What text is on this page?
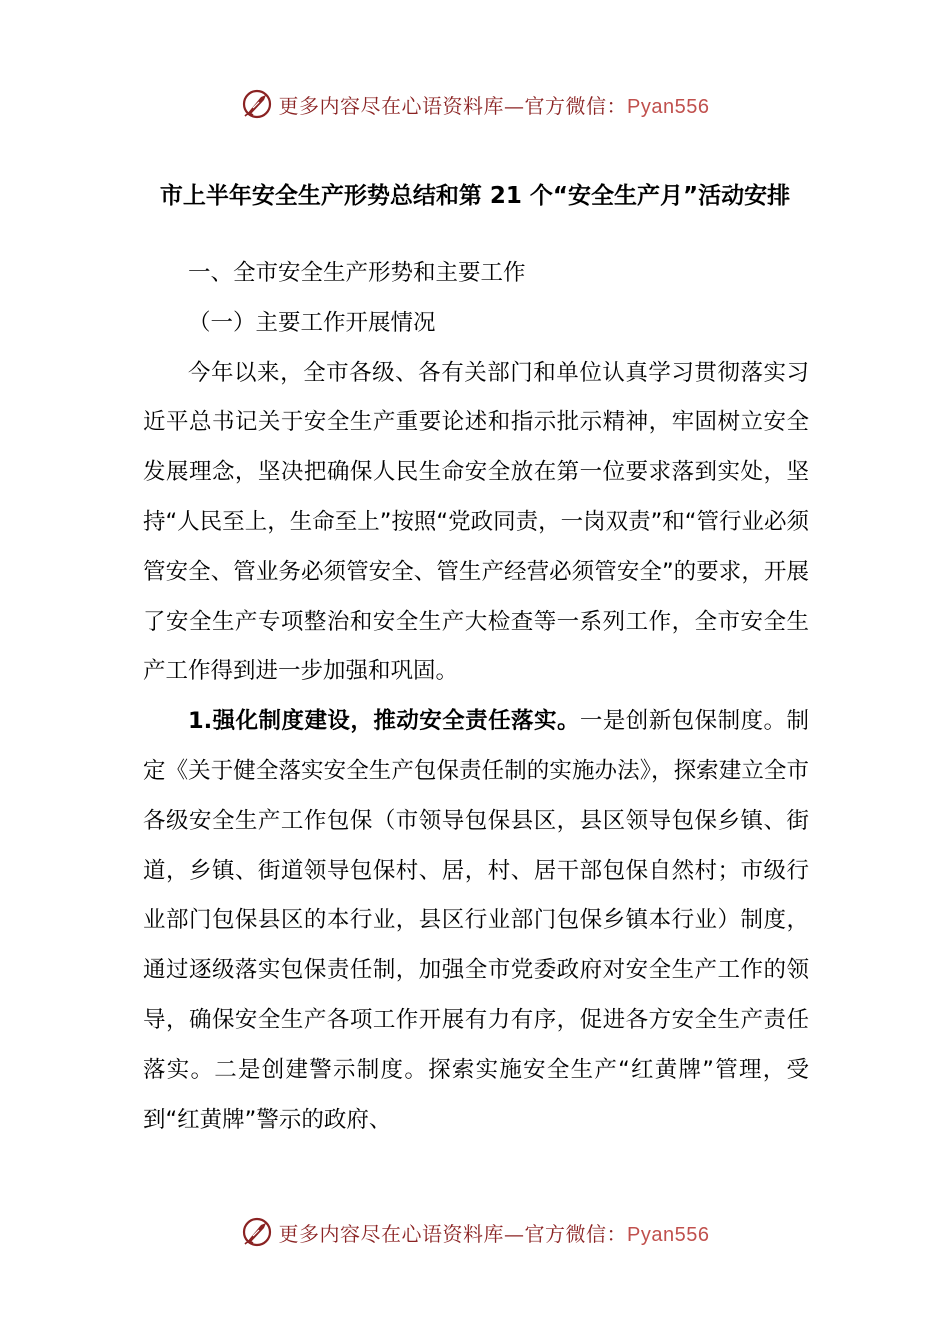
更多内容尽在心语资料库—官方微信：Pyan556
市上半年安全生产形势总结和第 21 个“安全生产月”活动安排

一、全市安全生产形势和主要工作

（一）主要工作开展情况

今年以来，全市各级、各有关部门和单位认真学习贯彻落实习近平总书记关于安全生产重要论述和指示批示精神，牢固树立安全发展理念，坚决把确保人民生命安全放在第一位要求落到实处，坚持“人民至上，生命至上”按照“党政同责，一岗双责”和“管行业必须管安全、管业务必须管安全、管生产经营必须管安全”的要求，开展了安全生产专项整治和安全生产大检查等一系列工作，全市安全生产工作得到进一步加强和巩固。

1.强化制度建设，推动安全责任落实。一是创新包保制度。制定《关于健全落实安全生产包保责任制的实施办法》，探索建立全市各级安全生产工作包保（市领导包保县区，县区领导包保乡镇、街道，乡镇、街道领导包保村、居，村、居干部包保自然村；市级行业部门包保县区的本行业，县区行业部门包保乡镇本行业）制度，通过逐级落实包保责任制，加强全市党委政府对安全生产工作的领导，确保安全生产各项工作开展有力有序，促进各方安全生产责任落实。二是创建警示制度。探索实施安全生产“红黄牌”管理，受到“红黄牌”警示的政府、

更多内容尽在心语资料库—官方微信：Pyan556
